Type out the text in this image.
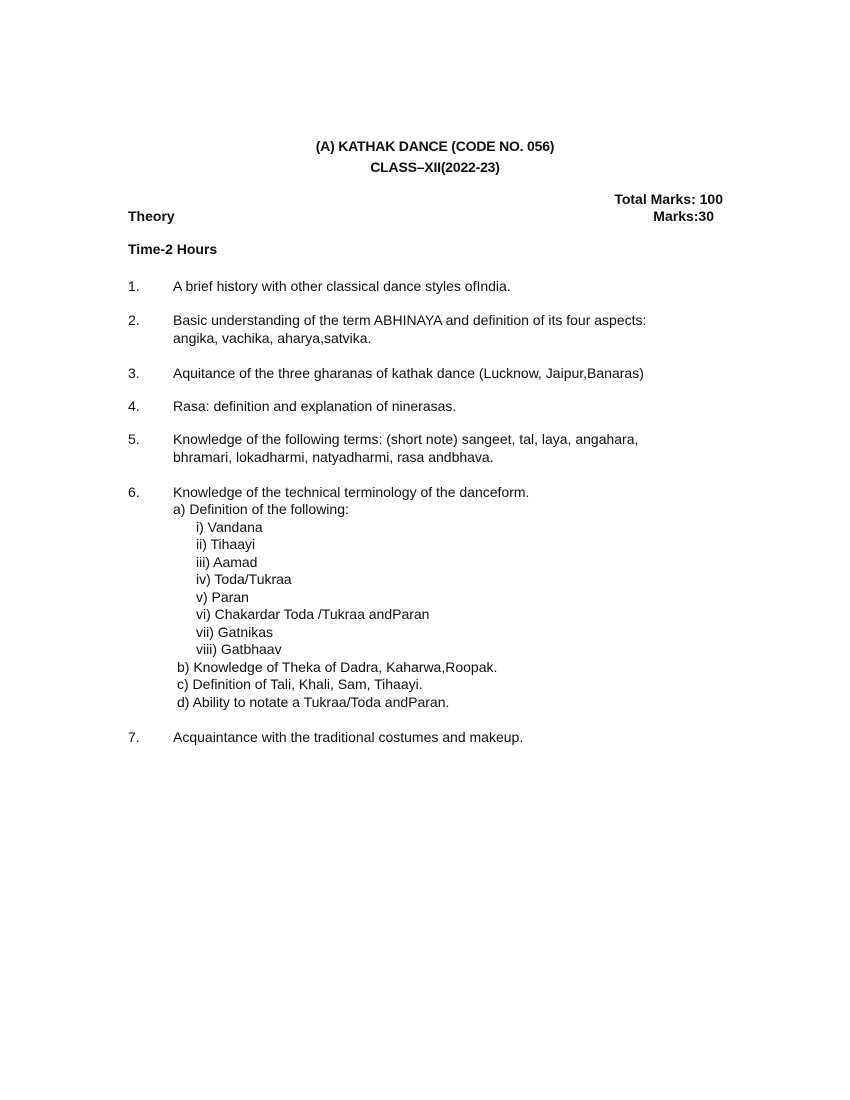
(A) KATHAK DANCE (CODE NO. 056)
CLASS–XII(2022-23)
Total Marks: 100
Theory	Marks:30
Time-2 Hours
1. A brief history with other classical dance styles ofIndia.
2. Basic understanding of the term ABHINAYA and definition of its four aspects:
angika, vachika, aharya,satvika.
3. Aquitance of the three gharanas of kathak dance (Lucknow, Jaipur,Banaras)
4. Rasa: definition and explanation of ninerasas.
5. Knowledge of the following terms: (short note) sangeet, tal, laya, angahara,
bhramari, lokadharmi, natyadharmi, rasa andbhava.
6. Knowledge of the technical terminology of the danceform.
a) Definition of the following:
i) Vandana
ii) Tihaayi
iii) Aamad
iv) Toda/Tukraa
v) Paran
vi) Chakardar Toda /Tukraa andParan
vii) Gatnikas
viii) Gatbhaav
b) Knowledge of Theka of Dadra, Kaharwa,Roopak.
c) Definition of Tali, Khali, Sam, Tihaayi.
d) Ability to notate a Tukraa/Toda andParan.
7. Acquaintance with the traditional costumes and makeup.
